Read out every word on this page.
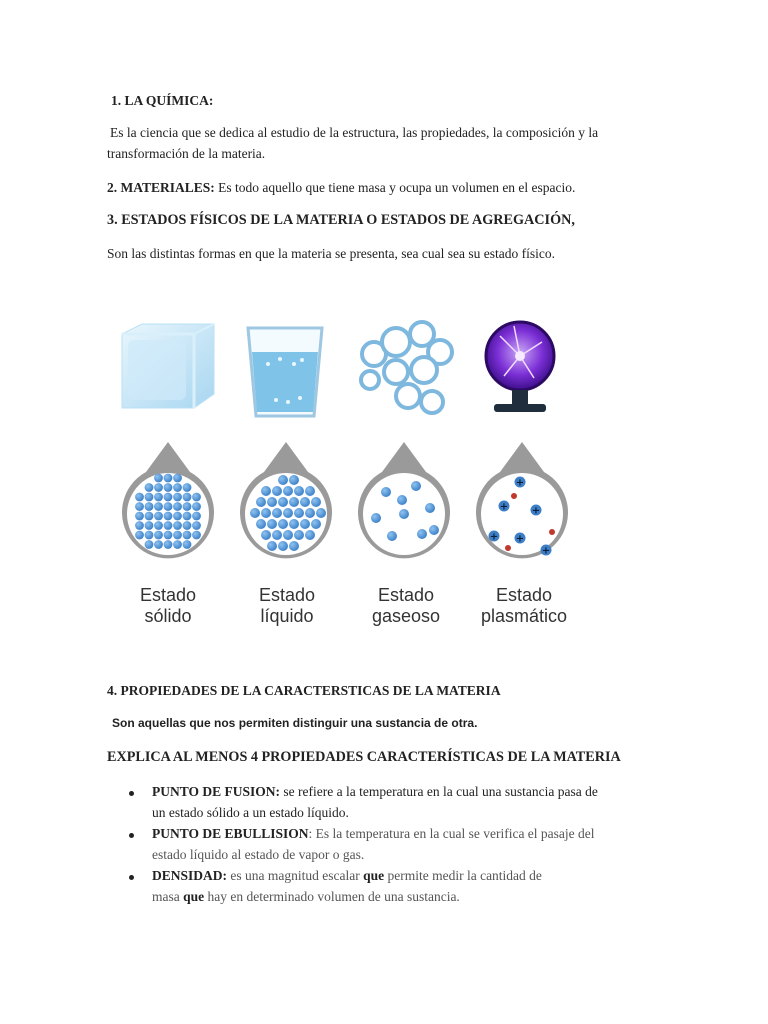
1. LA QUÍMICA:
Es la ciencia que se dedica al estudio de la estructura, las propiedades, la composición y la
transformación de la materia.
2. MATERIALES: Es todo aquello que tiene masa y ocupa un volumen en el espacio.
3. ESTADOS FÍSICOS DE LA MATERIA O ESTADOS DE AGREGACIÓN,
Son las distintas formas en que la materia se presenta, sea cual sea su estado físico.
+
+ +
+ +
+
Estado
sólido
Estado
líquido
Estado
gaseoso
Estado
plasmático
4. PROPIEDADES DE LA CARACTERSTICAS DE LA MATERIA
Son aquellas que nos permiten distinguir una sustancia de otra.
EXPLICA AL MENOS 4 PROPIEDADES CARACTERÍSTICAS DE LA MATERIA
PUNTO DE FUSION: se refiere a la temperatura en la cual una sustancia pasa de
un estado sólido a un estado líquido.
PUNTO DE EBULLISION: Es la temperatura en la cual se verifica el pasaje del
estado líquido al estado de vapor o gas.
DENSIDAD: es una magnitud escalar que permite medir la cantidad de
masa que hay en determinado volumen de una sustancia.
